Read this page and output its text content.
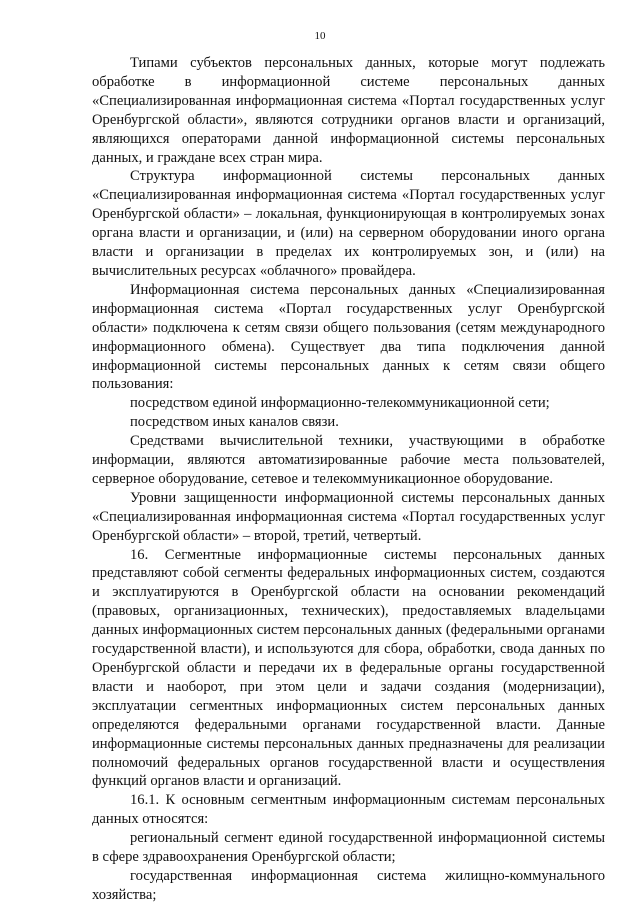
10

Типами субъектов персональных данных, которые могут подлежать обработке в информационной системе персональных данных «Специализированная информационная система «Портал государственных услуг Оренбургской области», являются сотрудники органов власти и организаций, являющихся операторами данной информационной системы персональных данных, и граждане всех стран мира.

Структура информационной системы персональных данных «Специализированная информационная система «Портал государственных услуг Оренбургской области» – локальная, функционирующая в контролируемых зонах органа власти и организации, и (или) на серверном оборудовании иного органа власти и организации в пределах их контролируемых зон, и (или) на вычислительных ресурсах «облачного» провайдера.

Информационная система персональных данных «Специализированная информационная система «Портал государственных услуг Оренбургской области» подключена к сетям связи общего пользования (сетям международного информационного обмена). Существует два типа подключения данной информационной системы персональных данных к сетям связи общего пользования:

посредством единой информационно-телекоммуникационной сети;

посредством иных каналов связи.

Средствами вычислительной техники, участвующими в обработке информации, являются автоматизированные рабочие места пользователей, серверное оборудование, сетевое и телекоммуникационное оборудование.

Уровни защищенности информационной системы персональных данных «Специализированная информационная система «Портал государственных услуг Оренбургской области» – второй, третий, четвертый.

16. Сегментные информационные системы персональных данных представляют собой сегменты федеральных информационных систем, создаются и эксплуатируются в Оренбургской области на основании рекомендаций (правовых, организационных, технических), предоставляемых владельцами данных информационных систем персональных данных (федеральными органами государственной власти), и используются для сбора, обработки, свода данных по Оренбургской области и передачи их в федеральные органы государственной власти и наоборот, при этом цели и задачи создания (модернизации), эксплуатации сегментных информационных систем персональных данных определяются федеральными органами государственной власти. Данные информационные системы персональных данных предназначены для реализации полномочий федеральных органов государственной власти и осуществления функций органов власти и организаций.

16.1. К основным сегментным информационным системам персональных данных относятся:

региональный сегмент единой государственной информационной системы в сфере здравоохранения Оренбургской области;

государственная информационная система жилищно-коммунального хозяйства;
